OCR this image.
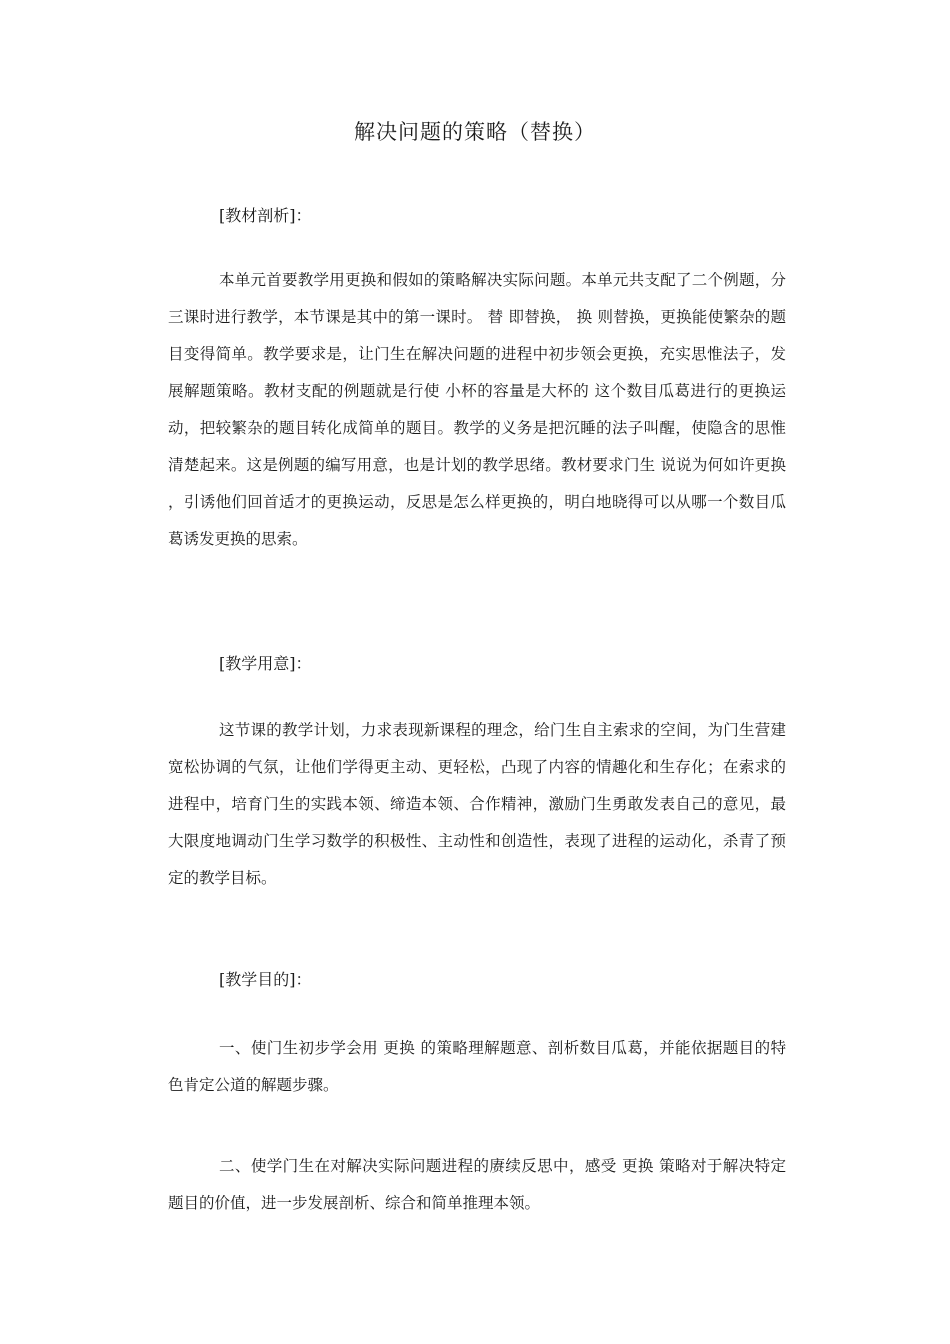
解决问题的策略（替换）
[教材剖析]：
本单元首要教学用更换和假如的策略解决实际问题。本单元共支配了二个例题，分三课时进行教学，本节课是其中的第一课时。 替 即替换， 换 则替换，更换能使繁杂的题目变得简单。教学要求是，让门生在解决问题的进程中初步领会更换，充实思惟法子，发展解题策略。教材支配的例题就是行使 小杯的容量是大杯的 这个数目瓜葛进行的更换运动，把较繁杂的题目转化成简单的题目。教学的义务是把沉睡的法子叫醒，使隐含的思惟清楚起来。这是例题的编写用意，也是计划的教学思绪。教材要求门生 说说为何如许更换 ，引诱他们回首适才的更换运动，反思是怎么样更换的，明白地晓得可以从哪一个数目瓜葛诱发更换的思索。
[教学用意]：
这节课的教学计划，力求表现新课程的理念，给门生自主索求的空间，为门生营建宽松协调的气氛，让他们学得更主动、更轻松，凸现了内容的情趣化和生存化；在索求的进程中，培育门生的实践本领、缔造本领、合作精神，激励门生勇敢发表自己的意见，最大限度地调动门生学习数学的积极性、主动性和创造性，表现了进程的运动化，杀青了预定的教学目标。
[教学目的]：
一、使门生初步学会用 更换 的策略理解题意、剖析数目瓜葛，并能依据题目的特色肯定公道的解题步骤。
二、使学门生在对解决实际问题进程的赓续反思中，感受 更换 策略对于解决特定题目的价值，进一步发展剖析、综合和简单推理本领。
